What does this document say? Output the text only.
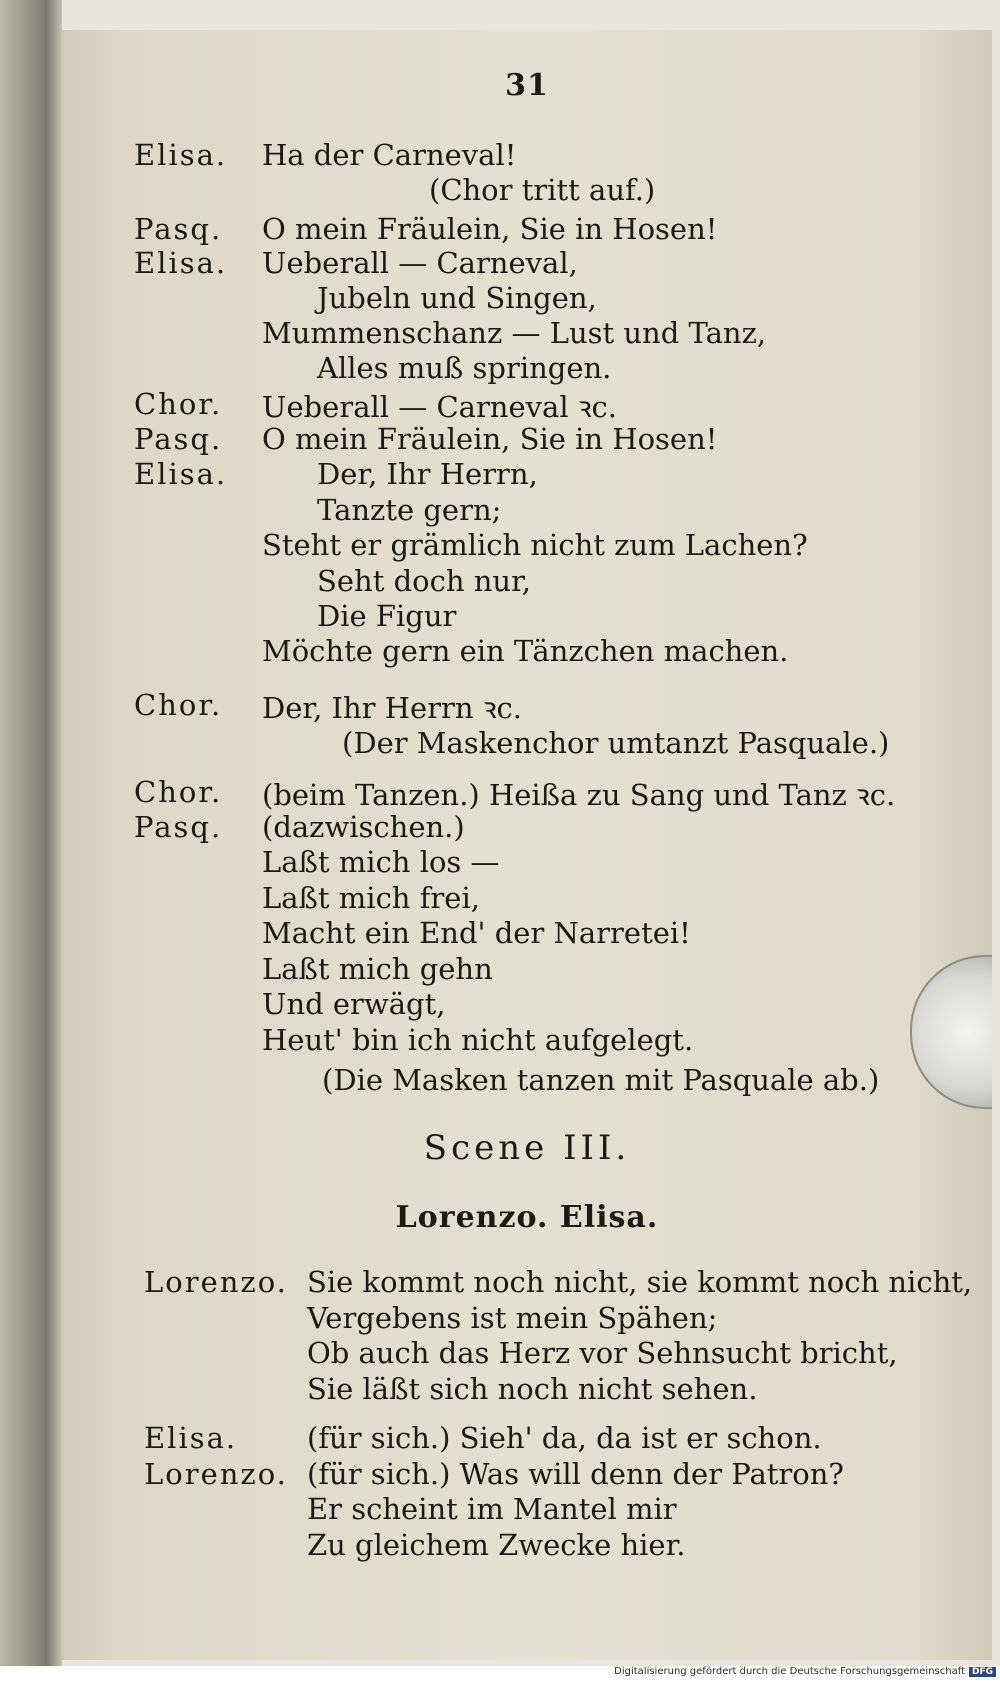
31
Elisa. Ha der Carneval!
(Chor tritt auf.)
Pasq. O mein Fräulein, Sie in Hosen!
Elisa. Ueberall — Carneval,
Jubeln und Singen,
Mummenschanz — Lust und Tanz,
Alles muß springen.
Chor. Ueberall — Carneval ꝛc.
Pasq. O mein Fräulein, Sie in Hosen!
Elisa.	Der, Ihr Herrn,
Tanzte gern;
Steht er grämlich nicht zum Lachen?
Seht doch nur,
Die Figur
Möchte gern ein Tänzchen machen.
Chor. Der, Ihr Herrn ꝛc.
(Der Maskenchor umtanzt Pasquale.)
Chor. (beim Tanzen.) Heißa zu Sang und Tanz ꝛc.
Pasq. (dazwischen.)
Laßt mich los —
Laßt mich frei,
Macht ein End' der Narretei!
Laßt mich gehn
Und erwägt,
Heut' bin ich nicht aufgelegt.
(Die Masken tanzen mit Pasquale ab.)
Scene III.
Lorenzo. Elisa.
Lorenzo. Sie kommt noch nicht, sie kommt noch nicht,
Vergebens ist mein Spähen;
Ob auch das Herz vor Sehnsucht bricht,
Sie läßt sich noch nicht sehen.
Elisa. (für sich.) Sieh' da, da ist er schon.
Lorenzo. (für sich.) Was will denn der Patron?
Er scheint im Mantel mir
Zu gleichem Zwecke hier.
Digitalisierung gefördert durch die Deutsche Forschungsgemeinschaft DFG
